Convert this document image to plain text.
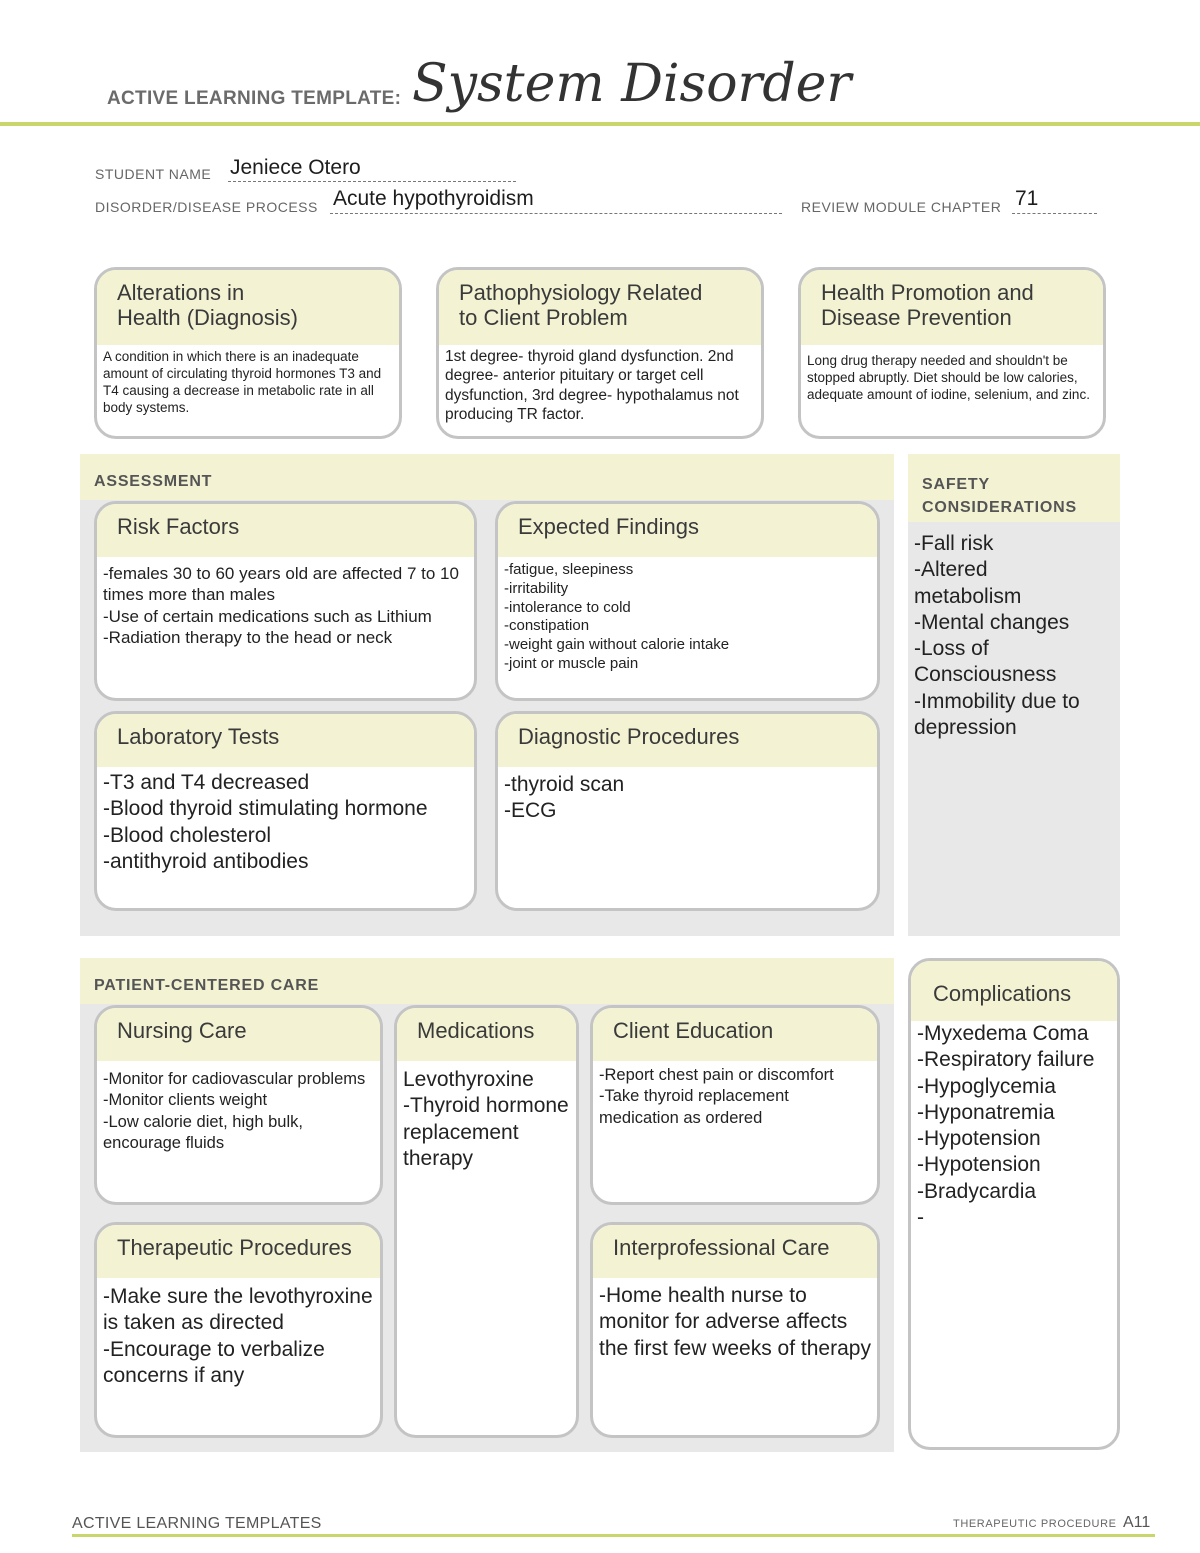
ACTIVE LEARNING TEMPLATE: System Disorder
STUDENT NAME Jeniece Otero
DISORDER/DISEASE PROCESS Acute hypothyroidism	REVIEW MODULE CHAPTER 71
Alterations in
Health (Diagnosis)
A condition in which there is an inadequate amount of circulating thyroid hormones T3 and T4 causing a decrease in metabolic rate in all body systems.
Pathophysiology Related
to Client Problem
1st degree- thyroid gland dysfunction. 2nd degree- anterior pituitary or target cell dysfunction, 3rd degree- hypothalamus not producing TR factor.
Health Promotion and
Disease Prevention
Long drug therapy needed and shouldn't be stopped abruptly. Diet should be low calories, adequate amount of iodine, selenium, and zinc.
ASSESSMENT
Risk Factors
-females 30 to 60 years old are affected 7 to 10 times more than males
-Use of certain medications such as Lithium
-Radiation therapy to the head or neck
Expected Findings
-fatigue, sleepiness
-irritability
-intolerance to cold
-constipation
-weight gain without calorie intake
-joint or muscle pain
Laboratory Tests
-T3 and T4 decreased
-Blood thyroid stimulating hormone
-Blood cholesterol
-antithyroid antibodies
Diagnostic Procedures
-thyroid scan
-ECG
SAFETY
CONSIDERATIONS
-Fall risk
-Altered
metabolism
-Mental changes
-Loss of
Consciousness
-Immobility due to
depression
PATIENT-CENTERED CARE
Nursing Care
-Monitor for cadiovascular problems
-Monitor clients weight
-Low calorie diet, high bulk, encourage fluids
Medications
Levothyroxine
-Thyroid hormone replacement therapy
Client Education
-Report chest pain or discomfort
-Take thyroid replacement medication as ordered
Therapeutic Procedures
-Make sure the levothyroxine is taken as directed
-Encourage to verbalize concerns if any
Interprofessional Care
-Home health nurse to monitor for adverse affects the first few weeks of therapy
Complications
-Myxedema Coma
-Respiratory failure
-Hypoglycemia
-Hyponatremia
-Hypotension
-Hypotension
-Bradycardia
-
ACTIVE LEARNING TEMPLATES	THERAPEUTIC PROCEDURE A11
